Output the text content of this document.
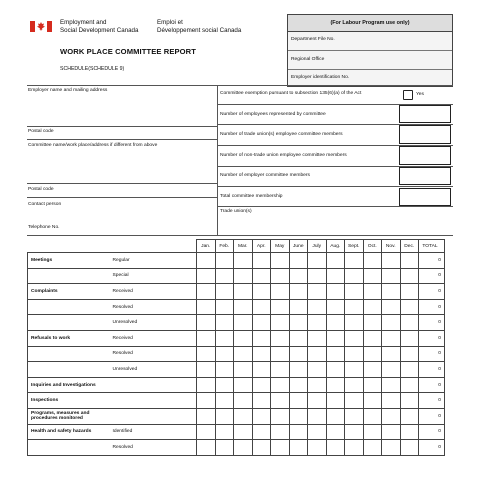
Employment and
Social Development Canada
Emploi et
Développement social Canada
WORK PLACE COMMITTEE REPORT
SCHEDULE(SCHEDULE 9)
(For Labour Program use only)
Department File No.
Regional Office
Employer identification No.
Employer name and mailing address
Postal code
Committee name/work place/address if different from above
Postal code
Contact person
Telephone No.
Committee exemption pursuant to subsection 135(6)(a) of the Act	Yes
Number of employees represented by committee
Number of trade union(s) employee committee members
Number of non-trade union employee committee members
Number of employer committee members
Total committee membership
Trade union(s)
		Jan.	Feb.	Mar.	Apr.	May	June	July	Aug.	Sept.	Oct.	Nov.	Dec.	TOTAL
Meetings	Regular													0
	Special													0
Complaints	Received													0
	Resolved													0
	Unresolved													0
Refusals to work	Received													0
	Resolved													0
	Unresolved													0
Inquiries and Investigations														0
Inspections														0
Programs, measures and procedures monitored														0
Health and safety hazards	Identified													0
	Resolved													0
